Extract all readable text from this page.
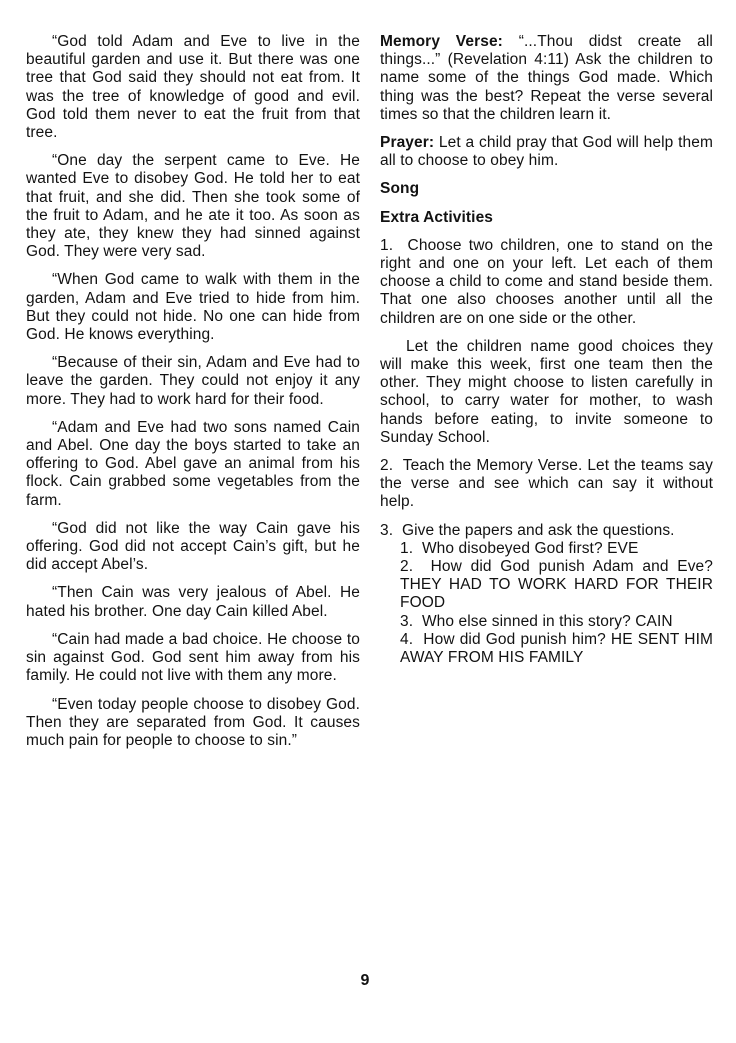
“God told Adam and Eve to live in the beautiful garden and use it. But there was one tree that God said they should not eat from. It was the tree of knowledge of good and evil. God told them never to eat the fruit from that tree.

“One day the serpent came to Eve. He wanted Eve to disobey God. He told her to eat that fruit, and she did. Then she took some of the fruit to Adam, and he ate it too. As soon as they ate, they knew they had sinned against God. They were very sad.

“When God came to walk with them in the garden, Adam and Eve tried to hide from him. But they could not hide. No one can hide from God. He knows everything.

“Because of their sin, Adam and Eve had to leave the garden. They could not enjoy it any more. They had to work hard for their food.

“Adam and Eve had two sons named Cain and Abel. One day the boys started to take an offering to God. Abel gave an animal from his flock. Cain grabbed some vegetables from the farm.

“God did not like the way Cain gave his offering. God did not accept Cain’s gift, but he did accept Abel’s.

“Then Cain was very jealous of Abel. He hated his brother. One day Cain killed Abel.

“Cain had made a bad choice. He choose to sin against God. God sent him away from his family. He could not live with them any more.

“Even today people choose to disobey God. Then they are separated from God. It causes much pain for people to choose to sin.”

Memory Verse: “...Thou didst create all things...” (Revelation 4:11) Ask the children to name some of the things God made. Which thing was the best? Repeat the verse several times so that the children learn it.

Prayer: Let a child pray that God will help them all to choose to obey him.

Song

Extra Activities

1.  Choose two children, one to stand on the right and one on your left. Let each of them choose a child to come and stand beside them. That one also chooses another until all the children are on one side or the other.

Let the children name good choices they will make this week, first one team then the other. They might choose to listen carefully in school, to carry water for mother, to wash hands before eating, to invite someone to Sunday School.

2.  Teach the Memory Verse. Let the teams say the verse and see which can say it without help.

3.  Give the papers and ask the questions.

1.  Who disobeyed God first? EVE

2.  How did God punish Adam and Eve? THEY HAD TO WORK HARD FOR THEIR FOOD

3.  Who else sinned in this story? CAIN

4.  How did God punish him? HE SENT HIM AWAY FROM HIS FAMILY

9
